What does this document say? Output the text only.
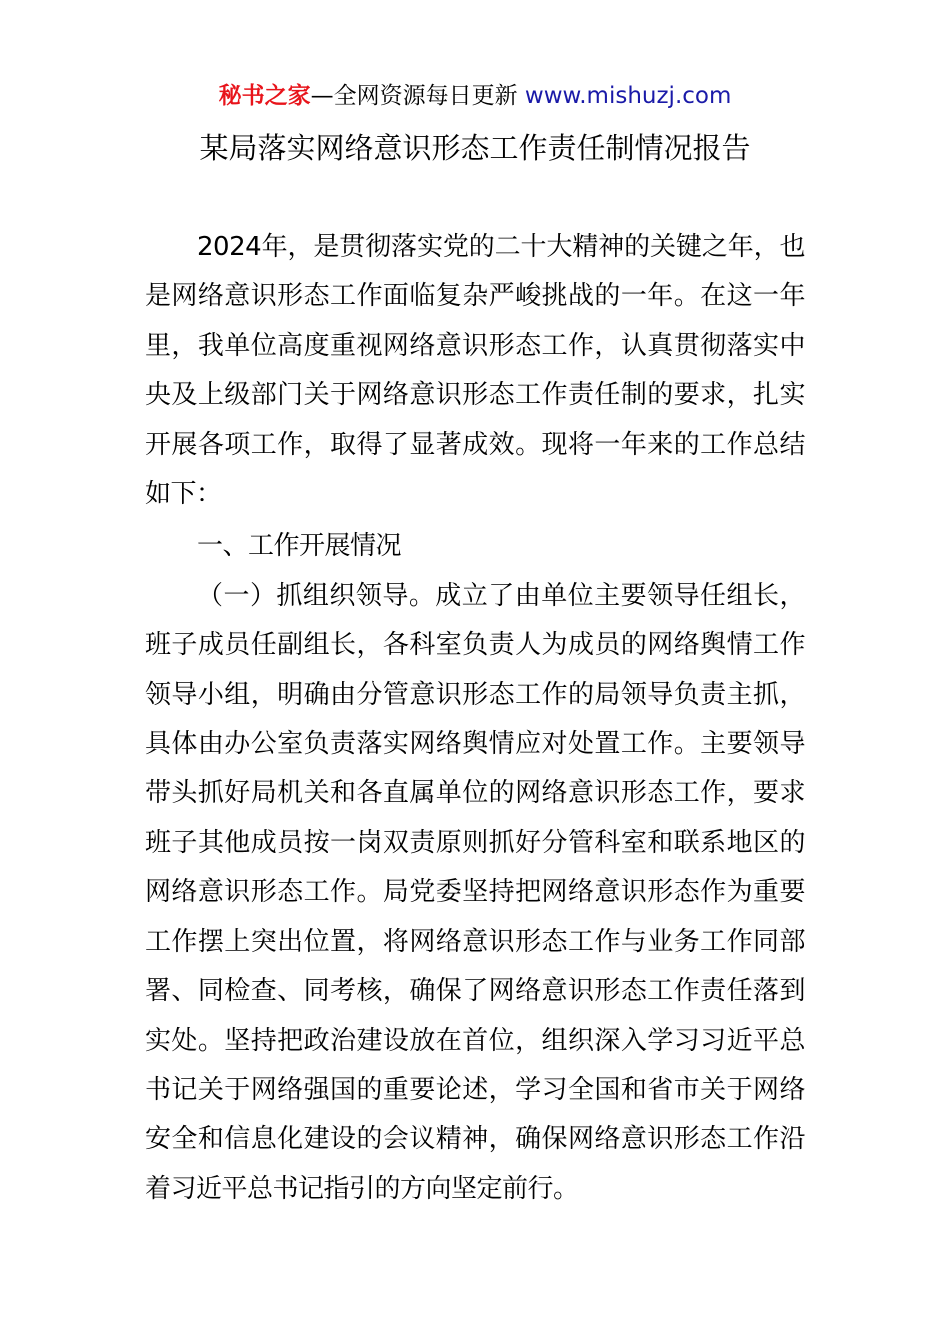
秘书之家—全网资源每日更新 www.mishuzj.com
某局落实网络意识形态工作责任制情况报告

2024年，是贯彻落实党的二十大精神的关键之年，也是网络意识形态工作面临复杂严峻挑战的一年。在这一年里，我单位高度重视网络意识形态工作，认真贯彻落实中央及上级部门关于网络意识形态工作责任制的要求，扎实开展各项工作，取得了显著成效。现将一年来的工作总结如下：

一、工作开展情况

（一）抓组织领导。成立了由单位主要领导任组长，班子成员任副组长，各科室负责人为成员的网络舆情工作领导小组，明确由分管意识形态工作的局领导负责主抓，具体由办公室负责落实网络舆情应对处置工作。主要领导带头抓好局机关和各直属单位的网络意识形态工作，要求班子其他成员按一岗双责原则抓好分管科室和联系地区的网络意识形态工作。局党委坚持把网络意识形态作为重要工作摆上突出位置，将网络意识形态工作与业务工作同部署、同检查、同考核，确保了网络意识形态工作责任落到实处。坚持把政治建设放在首位，组织深入学习习近平总书记关于网络强国的重要论述，学习全国和省市关于网络安全和信息化建设的会议精神，确保网络意识形态工作沿着习近平总书记指引的方向坚定前行。
